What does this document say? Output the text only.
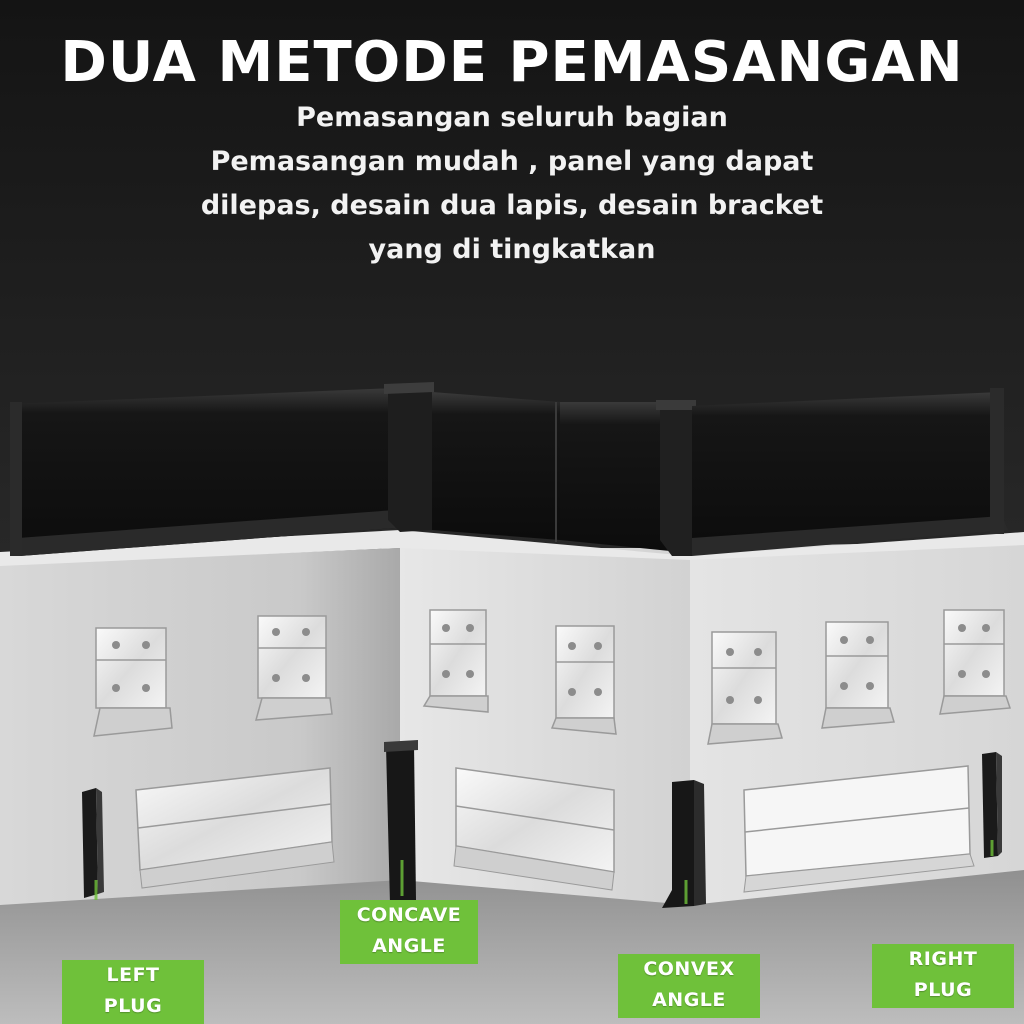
DUA METODE PEMASANGAN
Pemasangan seluruh bagian
Pemasangan mudah , panel yang dapat
dilepas, desain dua lapis, desain bracket
yang di tingkatkan
LEFT
PLUG
CONCAVE
ANGLE
CONVEX
ANGLE
RIGHT
PLUG
